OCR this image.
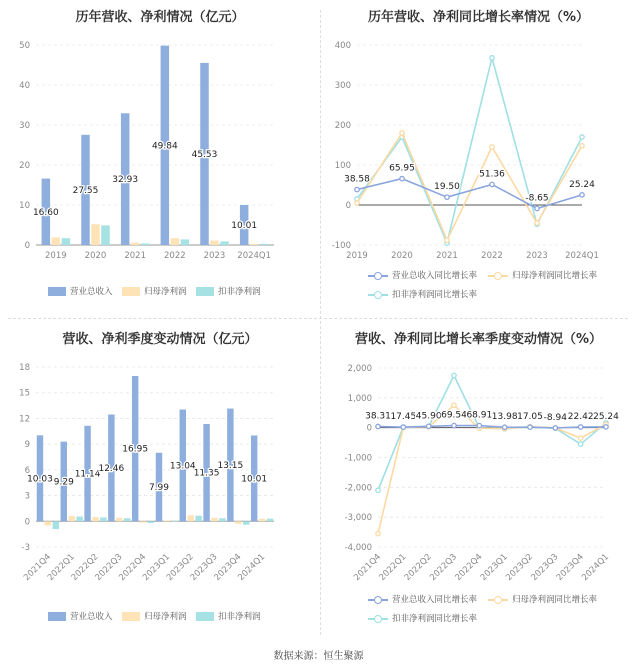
历年营收、净利情况（亿元）
0
10
20
30
40
50
2019 2020 2021 2022 2023 2024Q1
16.60
27.55
32.93
49.84
45.53
10.01
营业总收入	归母净利润	扣非净利润
历年营收、净利同比增长率情况（%）
-100
0
100
200
300
400
2019	2020	2021	2022	2023 2024Q1
38.58
65.95
19.50
51.36
-8.65
25.24
营业总收入同比增长率	归母净利润同比增长率
扣非净利润同比增长率
营收、净利季度变动情况（亿元）
-3
0
3
6
9
12
15
18
2021Q4
2022Q1
2022Q2
2022Q3
2022Q4
2023Q1
2023Q2
2023Q3
2023Q4
2024Q1
10.03 9.29
11.14
12.46
16.95
7.99
13.04
11.35
13.15
10.01
营业总收入	归母净利润	扣非净利润
营收、净利同比增长率季度变动情况（%）
-4,000
-3,000
-2,000
-1,000
0
1,000
2,000
2021Q4
2022Q1
2022Q2
2022Q3
2022Q4
2023Q1
2023Q2
2023Q3
2023Q4
2024Q1
38.31 17.45 45.90 69.54 68.91 13.98 17.05 -8.94 22.42 25.24
营业总收入同比增长率	归母净利润同比增长率
扣非净利润同比增长率
数据来源：恒生聚源
